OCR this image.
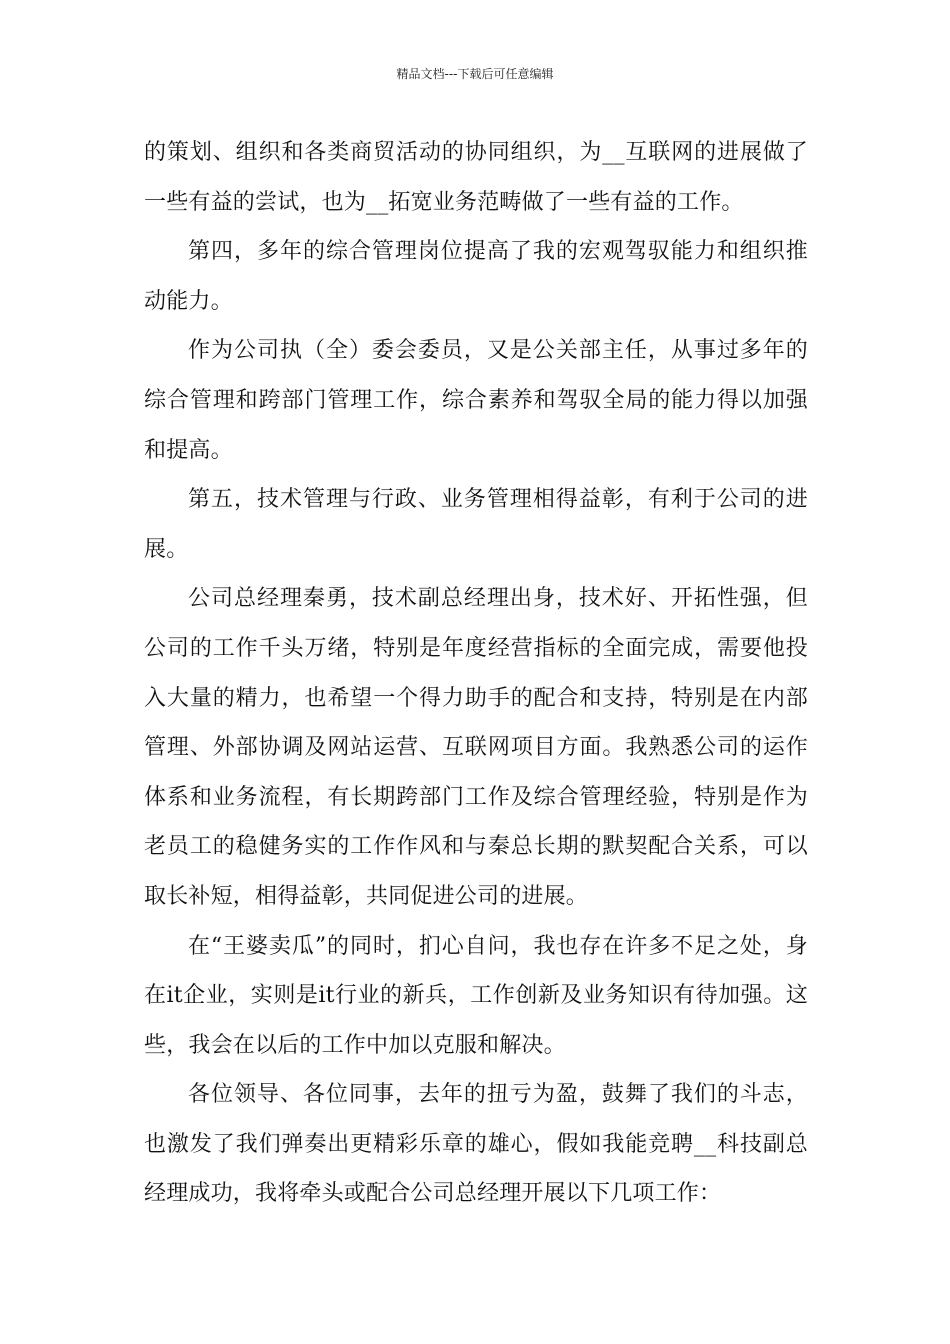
精品文档---下载后可任意编辑

的策划、组织和各类商贸活动的协同组织，为__互联网的进展做了一些有益的尝试，也为__拓宽业务范畴做了一些有益的工作。

第四，多年的综合管理岗位提高了我的宏观驾驭能力和组织推动能力。

作为公司执（全）委会委员，又是公关部主任，从事过多年的综合管理和跨部门管理工作，综合素养和驾驭全局的能力得以加强和提高。

第五，技术管理与行政、业务管理相得益彰，有利于公司的进展。

公司总经理秦勇，技术副总经理出身，技术好、开拓性强，但公司的工作千头万绪，特别是年度经营指标的全面完成，需要他投入大量的精力，也希望一个得力助手的配合和支持，特别是在内部管理、外部协调及网站运营、互联网项目方面。我熟悉公司的运作体系和业务流程，有长期跨部门工作及综合管理经验，特别是作为老员工的稳健务实的工作作风和与秦总长期的默契配合关系，可以取长补短，相得益彰，共同促进公司的进展。

在“王婆卖瓜”的同时，扪心自问，我也存在许多不足之处，身在it企业，实则是it行业的新兵，工作创新及业务知识有待加强。这些，我会在以后的工作中加以克服和解决。

各位领导、各位同事，去年的扭亏为盈，鼓舞了我们的斗志，也激发了我们弹奏出更精彩乐章的雄心，假如我能竞聘__科技副总经理成功，我将牵头或配合公司总经理开展以下几项工作：
